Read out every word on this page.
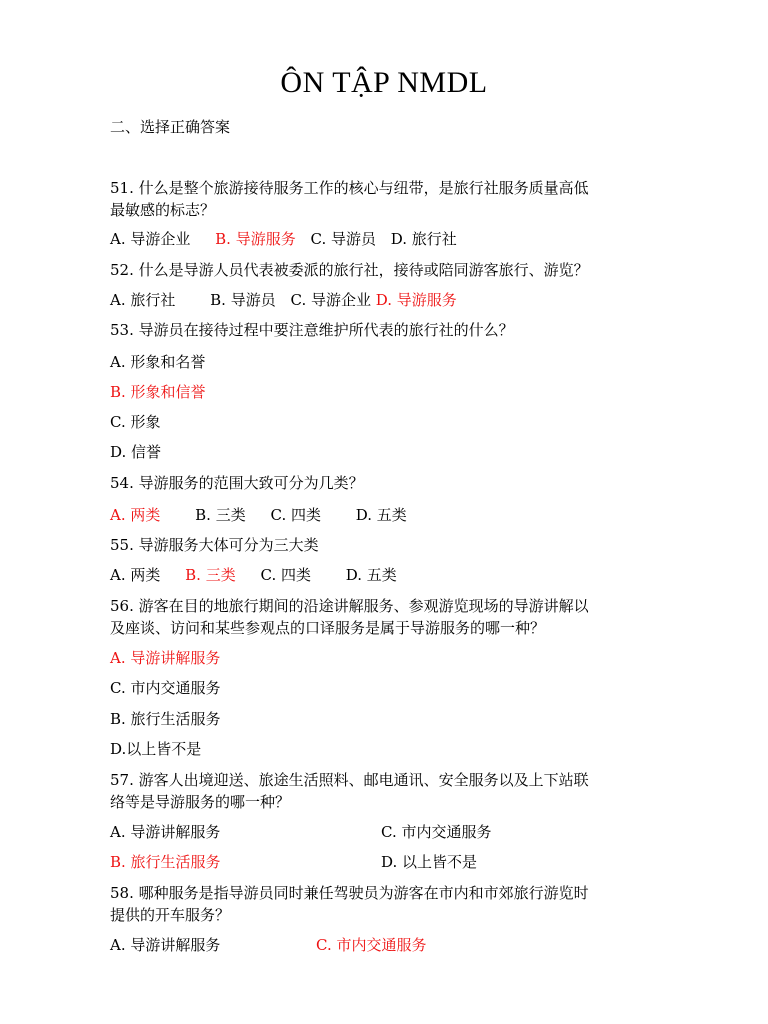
ÔN TẬP NMDL
二、选择正确答案
51. 什么是整个旅游接待服务工作的核心与纽带，是旅行社服务质量高低
最敏感的标志？
A. 导游企业 B. 导游服务 C. 导游员 D. 旅行社
52. 什么是导游人员代表被委派的旅行社，接待或陪同游客旅行、游览？
A. 旅行社 B. 导游员 C. 导游企业 D. 导游服务
53. 导游员在接待过程中要注意维护所代表的旅行社的什么？
A. 形象和名誉
B. 形象和信誉
C. 形象
D. 信誉
54. 导游服务的范围大致可分为几类？
A. 两类 B. 三类 C. 四类 D. 五类
55. 导游服务大体可分为三大类
A. 两类 B. 三类 C. 四类 D. 五类
56. 游客在目的地旅行期间的沿途讲解服务、参观游览现场的导游讲解以
及座谈、访问和某些参观点的口译服务是属于导游服务的哪一种？
A. 导游讲解服务
C. 市内交通服务
B. 旅行生活服务
D.以上皆不是
57. 游客人出境迎送、旅途生活照料、邮电通讯、安全服务以及上下站联
络等是导游服务的哪一种？
A. 导游讲解服务	C. 市内交通服务
B. 旅行生活服务	D. 以上皆不是
58. 哪种服务是指导游员同时兼任驾驶员为游客在市内和市郊旅行游览时
提供的开车服务？
A. 导游讲解服务	C. 市内交通服务
